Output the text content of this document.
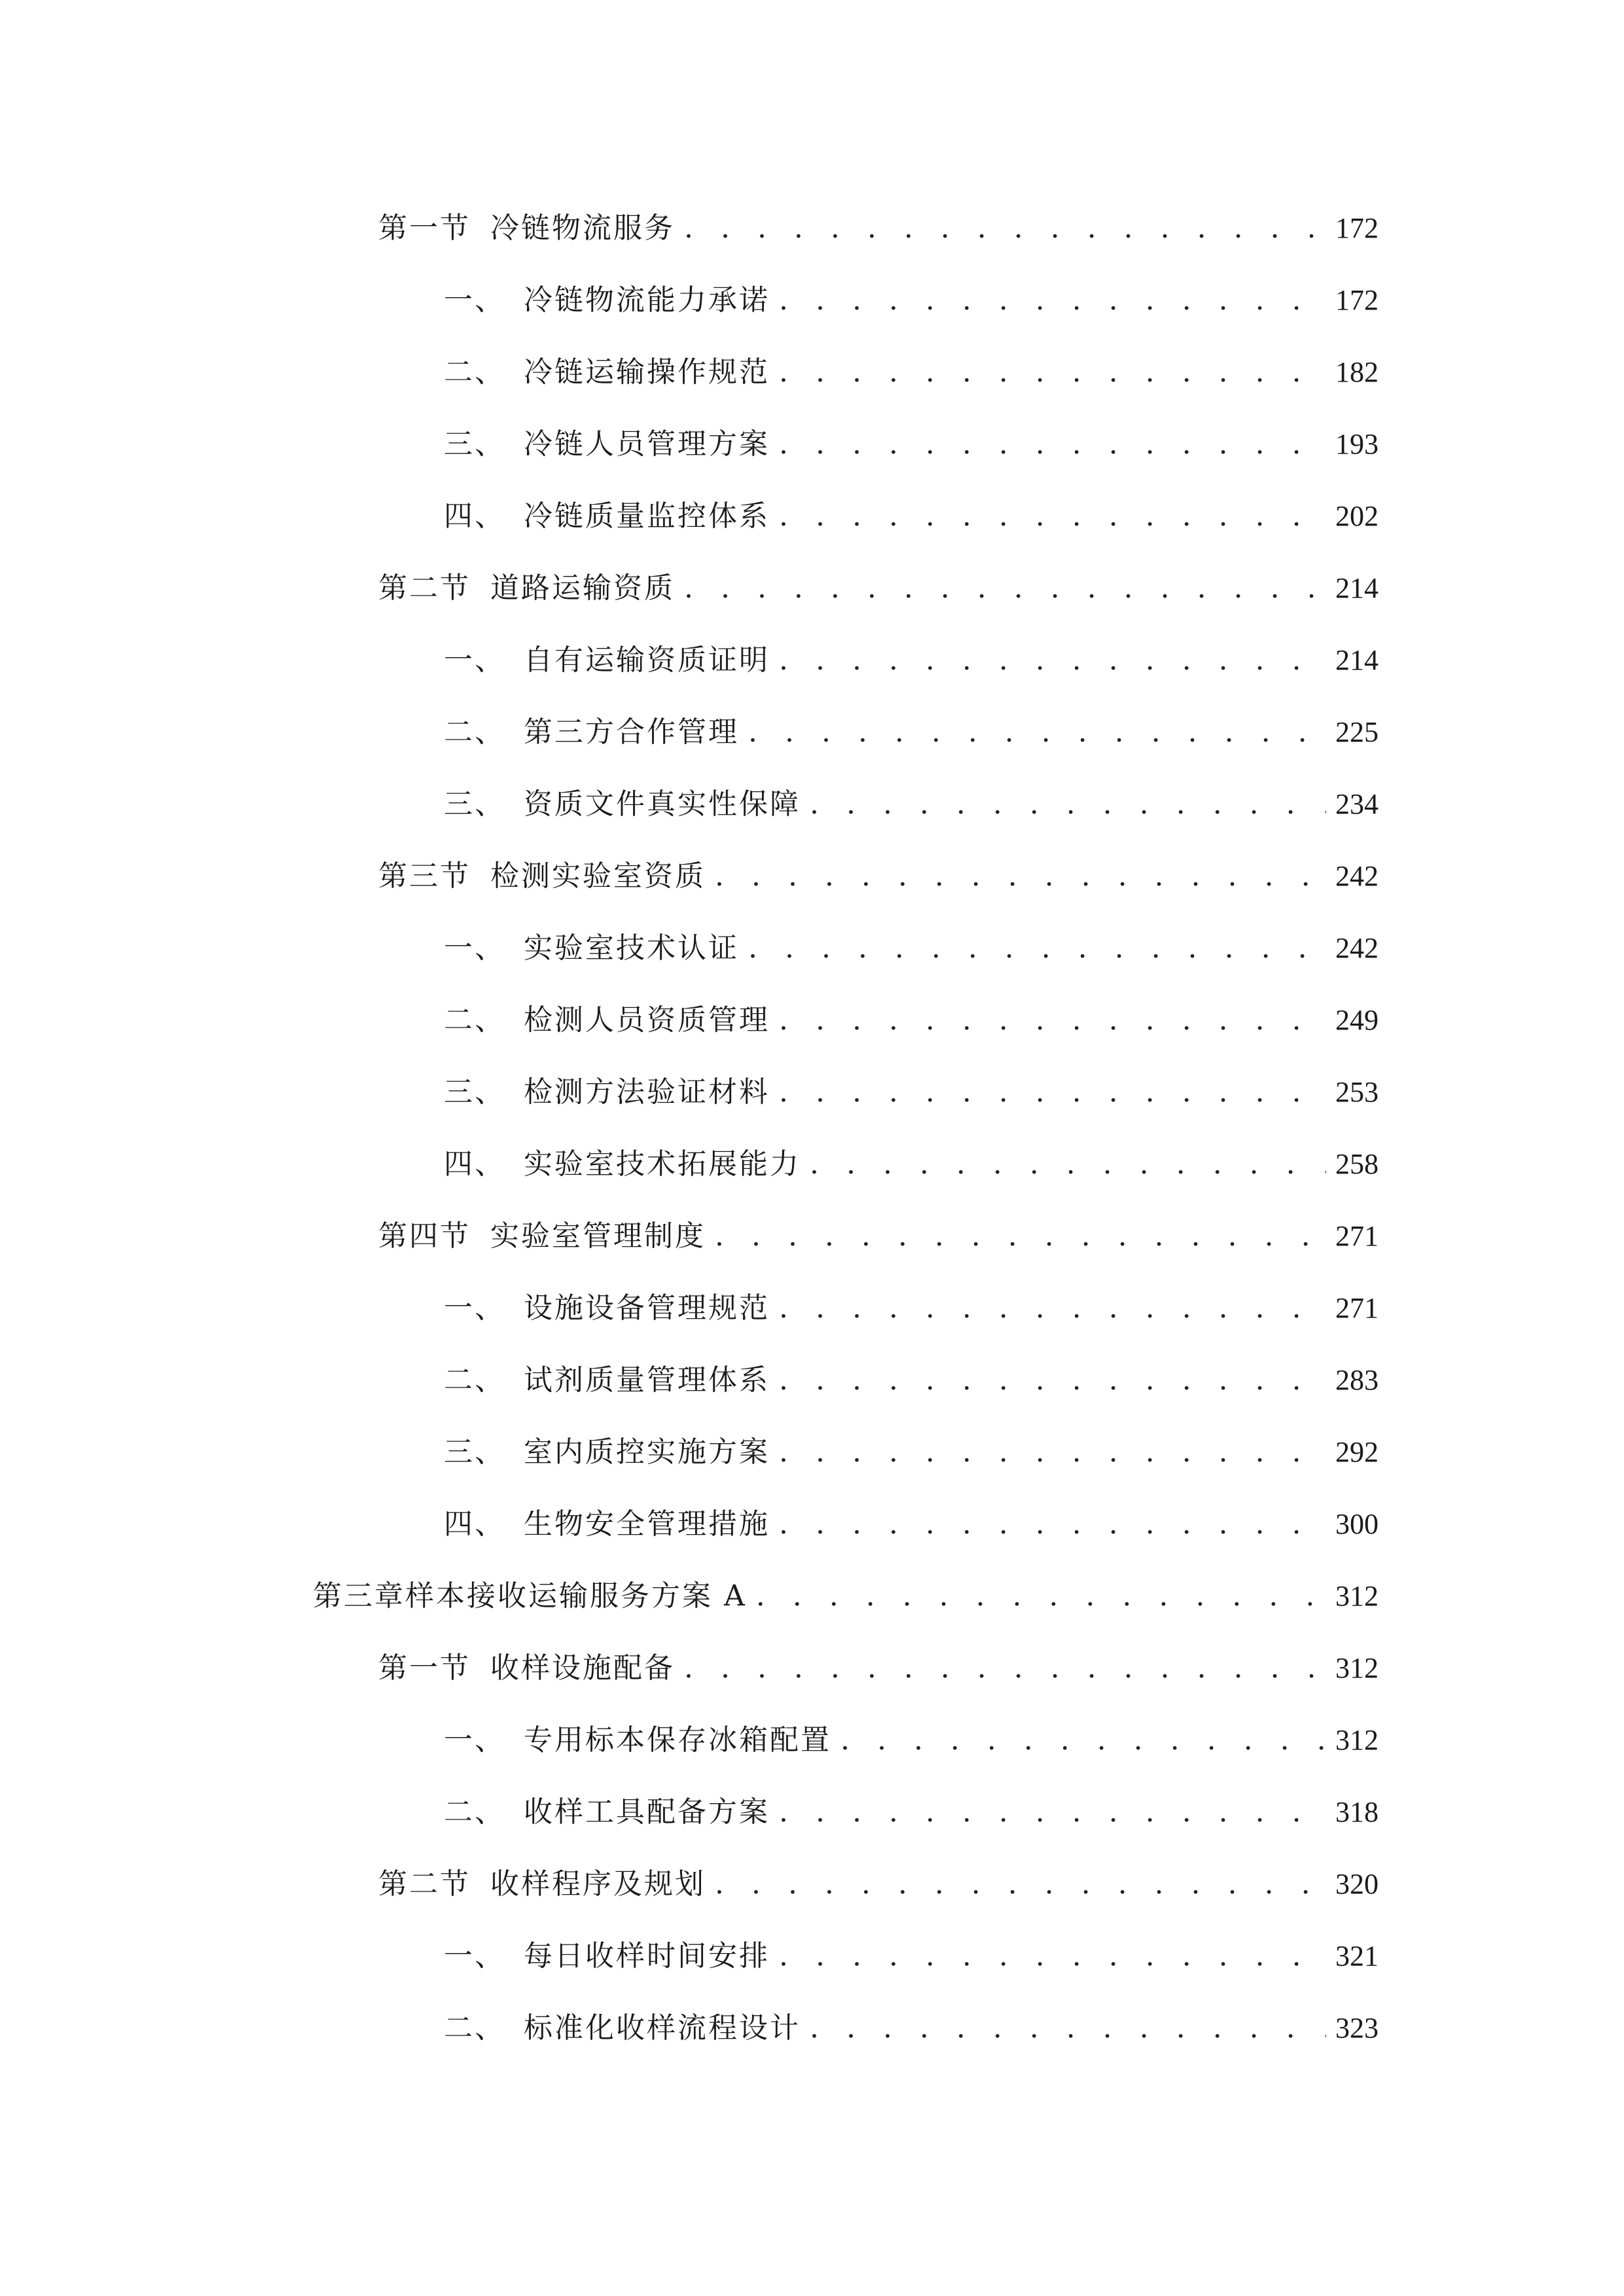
第一节 冷链物流服务 . . .	172
一、 冷链物流能力承诺 . . .	172
二、 冷链运输操作规范 . . .	182
三、 冷链人员管理方案 . . .	193
四、 冷链质量监控体系 . . .	202
第二节 道路运输资质 . . .	214
一、 自有运输资质证明 . . .	214
二、 第三方合作管理 . . .	225
三、 资质文件真实性保障 . . .	234
第三节 检测实验室资质 . . .	242
一、 实验室技术认证 . . .	242
二、 检测人员资质管理 . . .	249
三、 检测方法验证材料 . . .	253
四、 实验室技术拓展能力 . . .	258
第四节 实验室管理制度 . . .	271
一、 设施设备管理规范 . . .	271
二、 试剂质量管理体系 . . .	283
三、 室内质控实施方案 . . .	292
四、 生物安全管理措施 . . .	300
第三章样本接收运输服务方案 A . . .	312
第一节 收样设施配备 . . .	312
一、 专用标本保存冰箱配置 . . .	312
二、 收样工具配备方案 . . .	318
第二节 收样程序及规划 . . .	320
一、 每日收样时间安排 . . .	321
二、 标准化收样流程设计 . . .	323
